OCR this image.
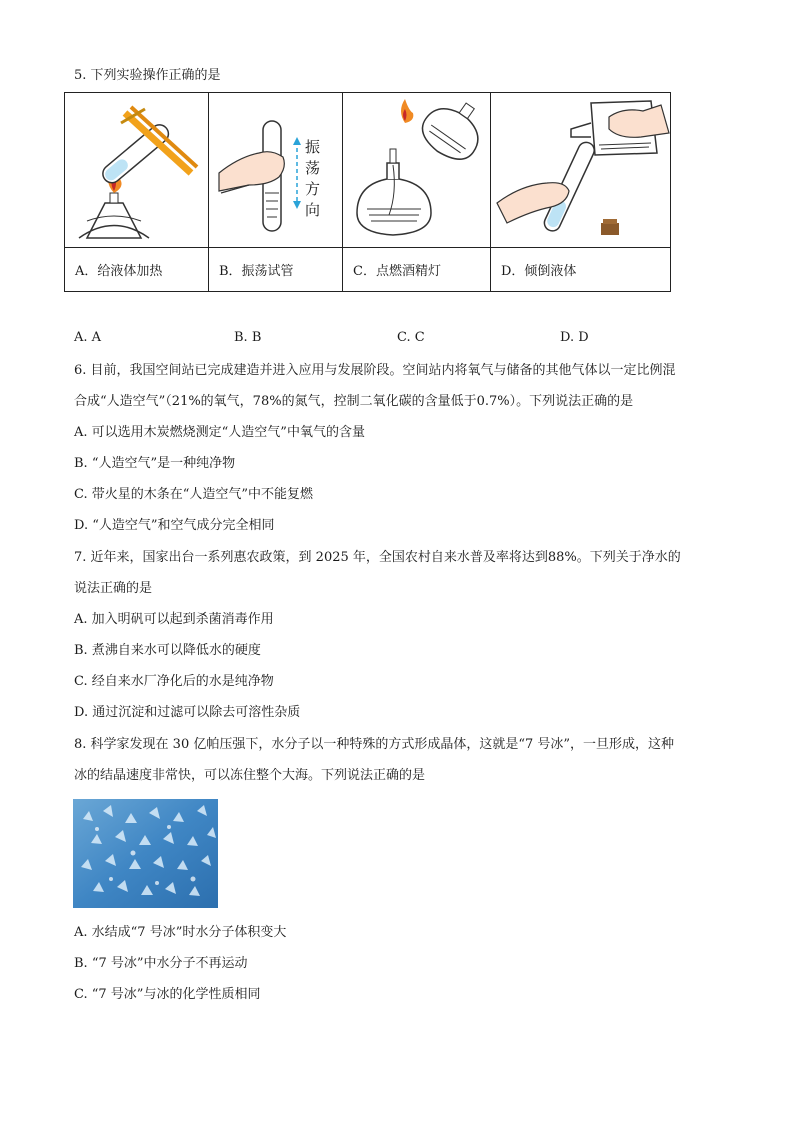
5. 下列实验操作正确的是
振
荡
方
向
A．给液体加热	B．振荡试管	C．点燃酒精灯	D．倾倒液体
A. A	B. B	C. C	D. D
6. 目前，我国空间站已完成建造并进入应用与发展阶段。空间站内将氧气与储备的其他气体以一定比例混
合成“人造空气”（21%的氧气，78%的氮气，控制二氧化碳的含量低于0.7%）。下列说法正确的是
A. 可以选用木炭燃烧测定“人造空气”中氧气的含量
B. “人造空气”是一种纯净物
C. 带火星的木条在“人造空气”中不能复燃
D. “人造空气”和空气成分完全相同
7. 近年来，国家出台一系列惠农政策，到 2025 年，全国农村自来水普及率将达到88%。下列关于净水的
说法正确的是
A. 加入明矾可以起到杀菌消毒作用
B. 煮沸自来水可以降低水的硬度
C. 经自来水厂净化后的水是纯净物
D. 通过沉淀和过滤可以除去可溶性杂质
8. 科学家发现在 30 亿帕压强下，水分子以一种特殊的方式形成晶体，这就是“7 号冰”，一旦形成，这种
冰的结晶速度非常快，可以冻住整个大海。下列说法正确的是
A. 水结成“7 号冰”时水分子体积变大
B. “7 号冰”中水分子不再运动
C. “7 号冰”与冰的化学性质相同
